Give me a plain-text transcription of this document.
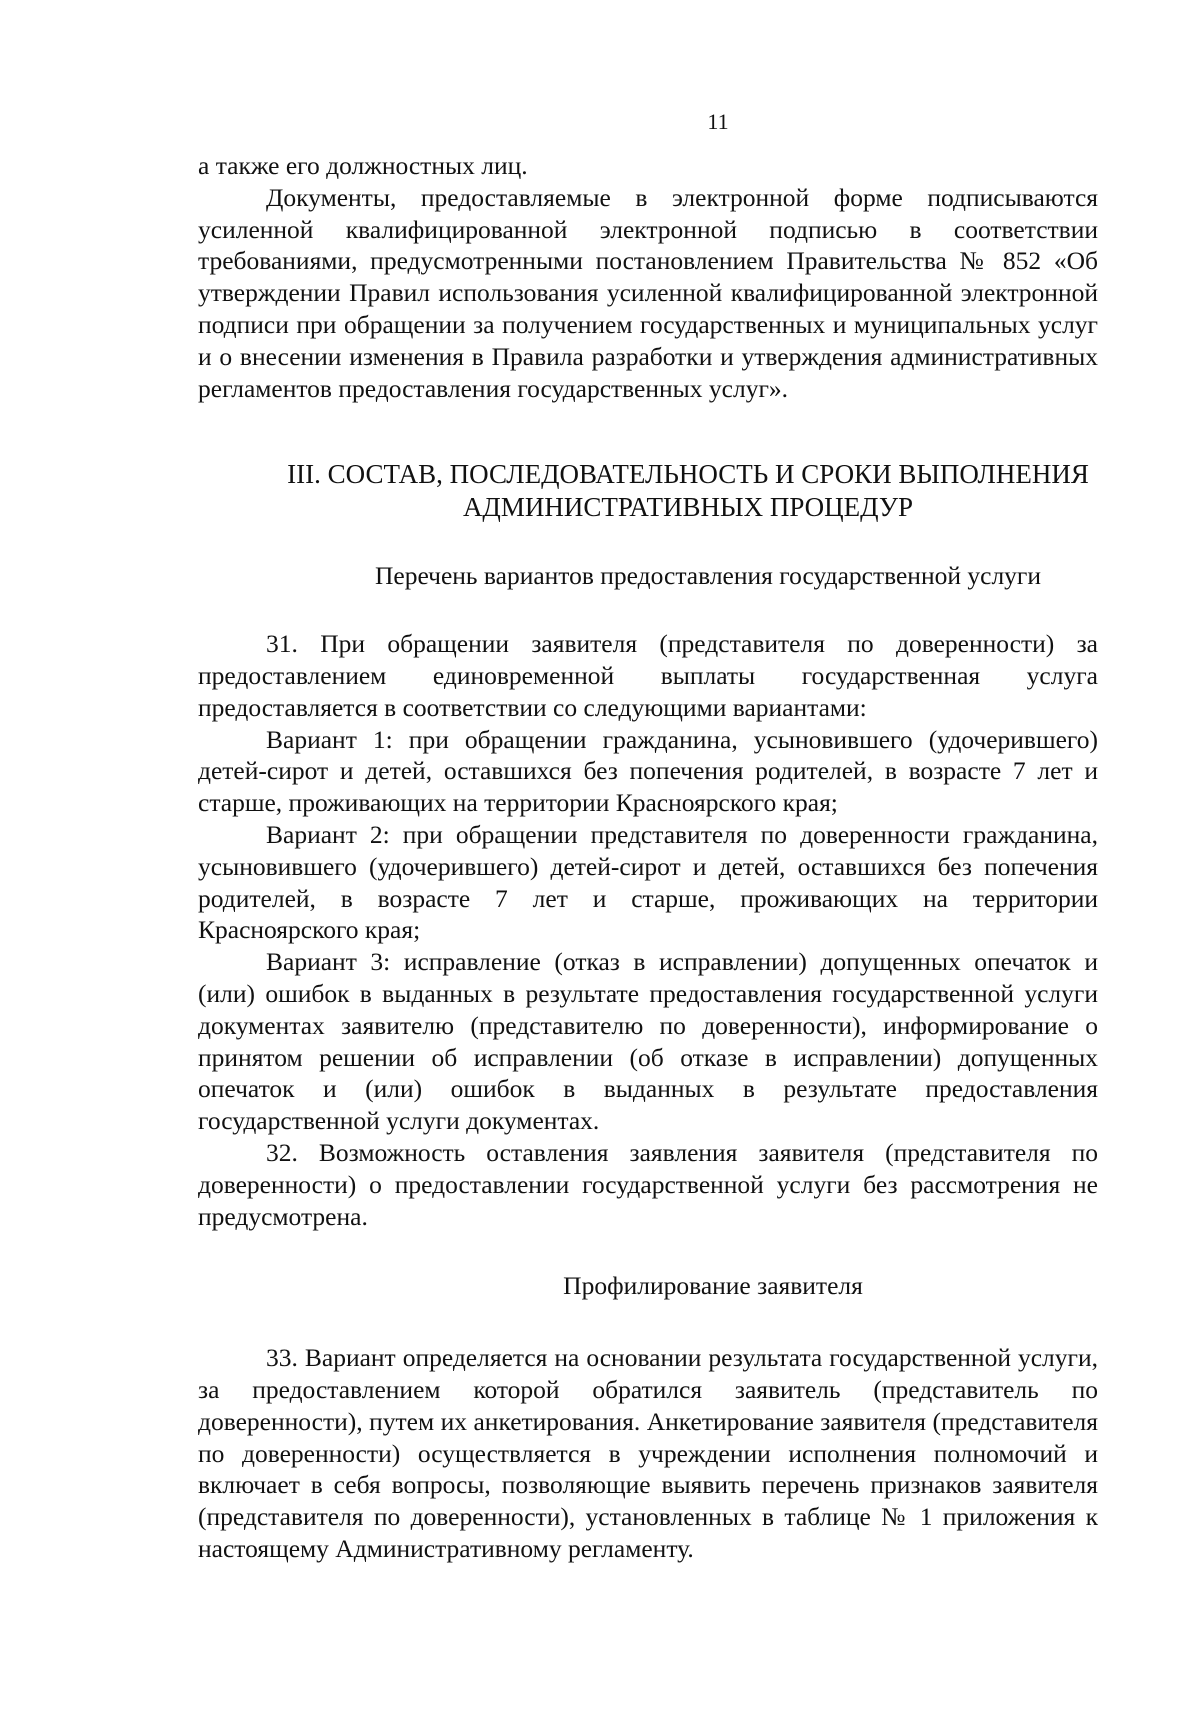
11

а также его должностных лиц.

Документы, предоставляемые в электронной форме подписываются усиленной квалифицированной электронной подписью в соответствии требованиями, предусмотренными постановлением Правительства № 852 «Об утверждении Правил использования усиленной квалифицированной электронной подписи при обращении за получением государственных и муниципальных услуг и о внесении изменения в Правила разработки и утверждения административных регламентов предоставления государственных услуг».

III. СОСТАВ, ПОСЛЕДОВАТЕЛЬНОСТЬ И СРОКИ ВЫПОЛНЕНИЯ
АДМИНИСТРАТИВНЫХ ПРОЦЕДУР
Перечень вариантов предоставления государственной услуги

31. При обращении заявителя (представителя по доверенности) за предоставлением единовременной выплаты государственная услуга предоставляется в соответствии со следующими вариантами:

Вариант 1: при обращении гражданина, усыновившего (удочерившего) детей-сирот и детей, оставшихся без попечения родителей, в возрасте 7 лет и старше, проживающих на территории Красноярского края;

Вариант 2: при обращении представителя по доверенности гражданина, усыновившего (удочерившего) детей-сирот и детей, оставшихся без попечения родителей, в возрасте 7 лет и старше, проживающих на территории Красноярского края;

Вариант 3: исправление (отказ в исправлении) допущенных опечаток и (или) ошибок в выданных в результате предоставления государственной услуги документах заявителю (представителю по доверенности), информирование о принятом решении об исправлении (об отказе в исправлении) допущенных опечаток и (или) ошибок в выданных в результате предоставления государственной услуги документах.

32. Возможность оставления заявления заявителя (представителя по доверенности) о предоставлении государственной услуги без рассмотрения не предусмотрена.

Профилирование заявителя

33. Вариант определяется на основании результата государственной услуги, за предоставлением которой обратился заявитель (представитель по доверенности), путем их анкетирования. Анкетирование заявителя (представителя по доверенности) осуществляется в учреждении исполнения полномочий и включает в себя вопросы, позволяющие выявить перечень признаков заявителя (представителя по доверенности), установленных в таблице № 1 приложения к настоящему Административному регламенту.
